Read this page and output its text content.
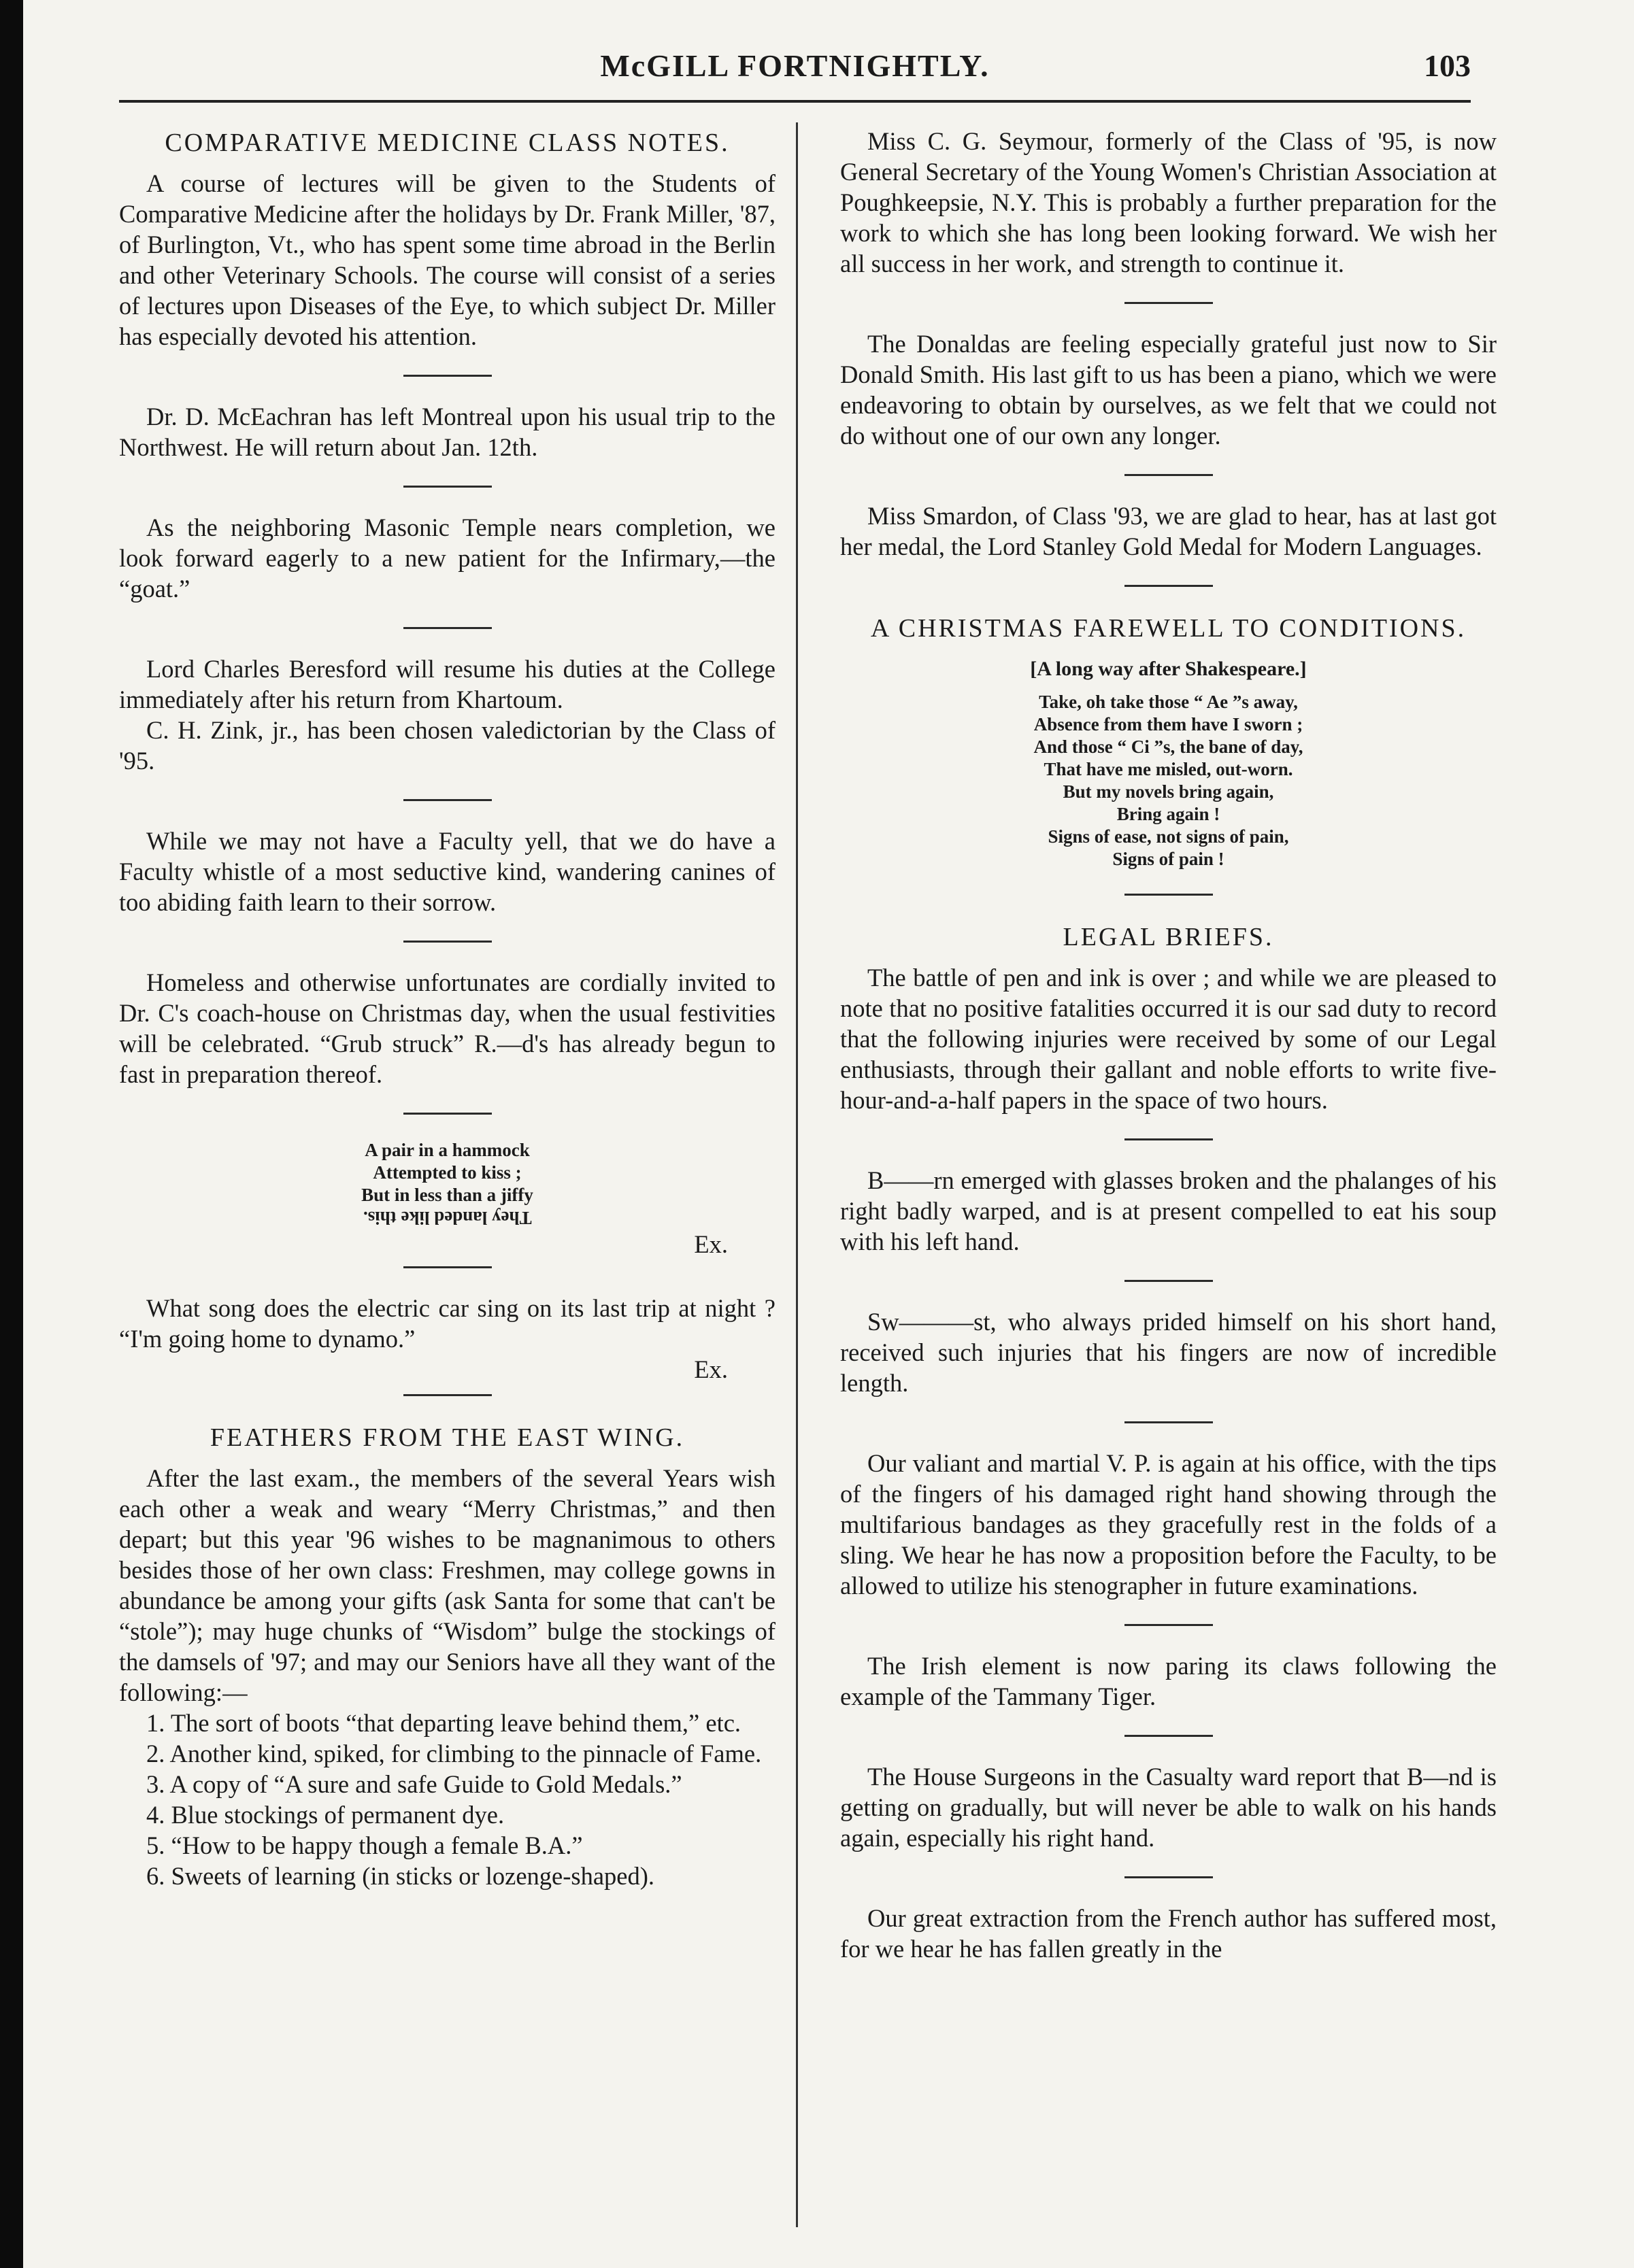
McGILL FORTNIGHTLY.	103
COMPARATIVE MEDICINE CLASS NOTES.

A course of lectures will be given to the Students of Comparative Medicine after the holidays by Dr. Frank Miller, '87, of Burlington, Vt., who has spent some time abroad in the Berlin and other Veterinary Schools. The course will consist of a series of lectures upon Diseases of the Eye, to which subject Dr. Miller has especially devoted his attention.

Dr. D. McEachran has left Montreal upon his usual trip to the Northwest. He will return about Jan. 12th.

As the neighboring Masonic Temple nears completion, we look forward eagerly to a new patient for the Infirmary,—the “goat.”

Lord Charles Beresford will resume his duties at the College immediately after his return from Khartoum.

C. H. Zink, jr., has been chosen valedictorian by the Class of '95.

While we may not have a Faculty yell, that we do have a Faculty whistle of a most seductive kind, wandering canines of too abiding faith learn to their sorrow.

Homeless and otherwise unfortunates are cordially invited to Dr. C's coach-house on Christmas day, when the usual festivities will be celebrated. “Grub struck” R.—d's has already begun to fast in preparation thereof.

A pair in a hammock
Attempted to kiss ;
But in less than a jiffy
They landed like this.
Ex.

What song does the electric car sing on its last trip at night ? “I'm going home to dynamo.”

Ex.
FEATHERS FROM THE EAST WING.

After the last exam., the members of the several Years wish each other a weak and weary “Merry Christmas,” and then depart; but this year '96 wishes to be magnanimous to others besides those of her own class: Freshmen, may college gowns in abundance be among your gifts (ask Santa for some that can't be “stole”); may huge chunks of “Wisdom” bulge the stockings of the damsels of '97; and may our Seniors have all they want of the following:—

1. The sort of boots “that departing leave behind them,” etc.

2. Another kind, spiked, for climbing to the pinnacle of Fame.

3. A copy of “A sure and safe Guide to Gold Medals.”

4. Blue stockings of permanent dye.

5. “How to be happy though a female B.A.”

6. Sweets of learning (in sticks or lozenge-shaped).

Miss C. G. Seymour, formerly of the Class of '95, is now General Secretary of the Young Women's Christian Association at Poughkeepsie, N.Y. This is probably a further preparation for the work to which she has long been looking forward. We wish her all success in her work, and strength to continue it.

The Donaldas are feeling especially grateful just now to Sir Donald Smith. His last gift to us has been a piano, which we were endeavoring to obtain by ourselves, as we felt that we could not do without one of our own any longer.

Miss Smardon, of Class '93, we are glad to hear, has at last got her medal, the Lord Stanley Gold Medal for Modern Languages.

A CHRISTMAS FAREWELL TO CONDITIONS.
[A long way after Shakespeare.]
Take, oh take those “ Ae ”s away,
Absence from them have I sworn ;
And those “ Ci ”s, the bane of day,
That have me misled, out-worn.
But my novels bring again,
Bring again !
Signs of ease, not signs of pain,
Signs of pain !
LEGAL BRIEFS.

The battle of pen and ink is over ; and while we are pleased to note that no positive fatalities occurred it is our sad duty to record that the following injuries were received by some of our Legal enthusiasts, through their gallant and noble efforts to write five-hour-and-a-half papers in the space of two hours.

B——rn emerged with glasses broken and the phalanges of his right badly warped, and is at present compelled to eat his soup with his left hand.

Sw———st, who always prided himself on his short hand, received such injuries that his fingers are now of incredible length.

Our valiant and martial V. P. is again at his office, with the tips of the fingers of his damaged right hand showing through the multifarious bandages as they gracefully rest in the folds of a sling. We hear he has now a proposition before the Faculty, to be allowed to utilize his stenographer in future examinations.

The Irish element is now paring its claws following the example of the Tammany Tiger.

The House Surgeons in the Casualty ward report that B—nd is getting on gradually, but will never be able to walk on his hands again, especially his right hand.

Our great extraction from the French author has suffered most, for we hear he has fallen greatly in the
